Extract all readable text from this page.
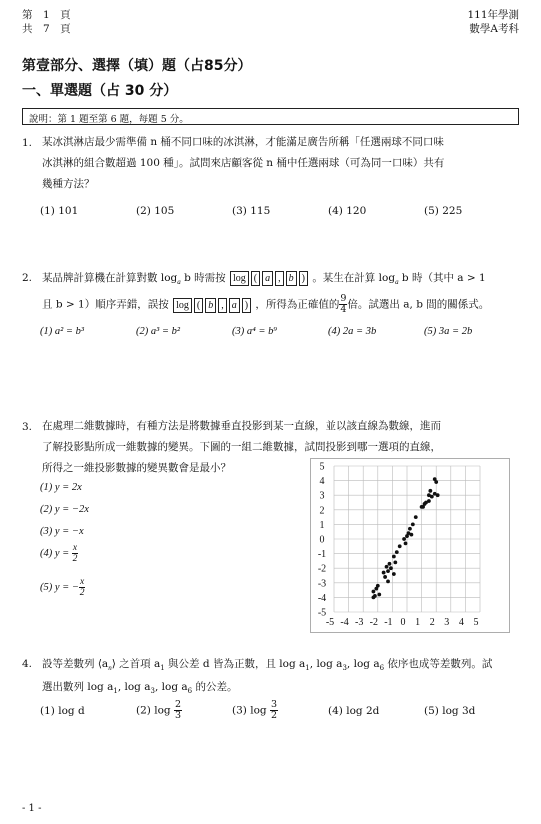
第　1　頁
共　7　頁
111年學測
數學A考科
第壹部分、選擇（填）題（占85分）
一、單選題（占 30 分）
說明：第 1 題至第 6 題，每題 5 分。
1. 某冰淇淋店最少需準備 n 桶不同口味的冰淇淋，才能滿足廣告所稱「任選兩球不同口味
冰淇淋的組合數超過 100 種」。試問來店顧客從 n 桶中任選兩球（可為同一口味）共有
幾種方法？
(1) 101	(2) 105	(3) 115	(4) 120	(5) 225
2. 某品牌計算機在計算對數 $\log_a b$ 時需按 log ( a , b ) 。某生在計算 $\log_a b$ 時（其中 a > 1
且 b > 1）順序弄錯，誤按 log ( b , a ) ，所得為正確值的 $\frac{9}{4}$ 倍。試選出 a, b 間的關係式。
(1) a² = b³	(2) a³ = b²	(3) a⁴ = b⁹	(4) 2a = 3b	(5) 3a = 2b
3. 在處理二維數據時，有種方法是將數據垂直投影到某一直線，並以該直線為數線，進而
了解投影點所成一維數據的變異。下圖的一組二維數據，試問投影到哪一選項的直線，
所得之一維投影數據的變異數會是最小？
(1) y = 2x
(2) y = −2x
(3) y = −x
(4) $y = \frac{x}{2}$
(5) y = − $\frac{x}{2}$
5
4
3
2
1
0
-1
-2
-3
-4
-5
-5 -4 -3 -2 -1 0 1 2 3 4 5
4. 設等差數列 $⟨a_n⟩$ 之首項 $a_1$ 與公差 d 皆為正數，且 $\log a_1$, $\log a_3$, $\log a_6$ 依序也成等差數列。試
選出數列 $\log a_1$, $\log a_3$, $\log a_6$ 的公差。
(1) log d	(2) $\log \frac{2}{3}$	(3) $\log \frac{3}{2}$	(4) log 2d	(5) log 3d
- 1 -
